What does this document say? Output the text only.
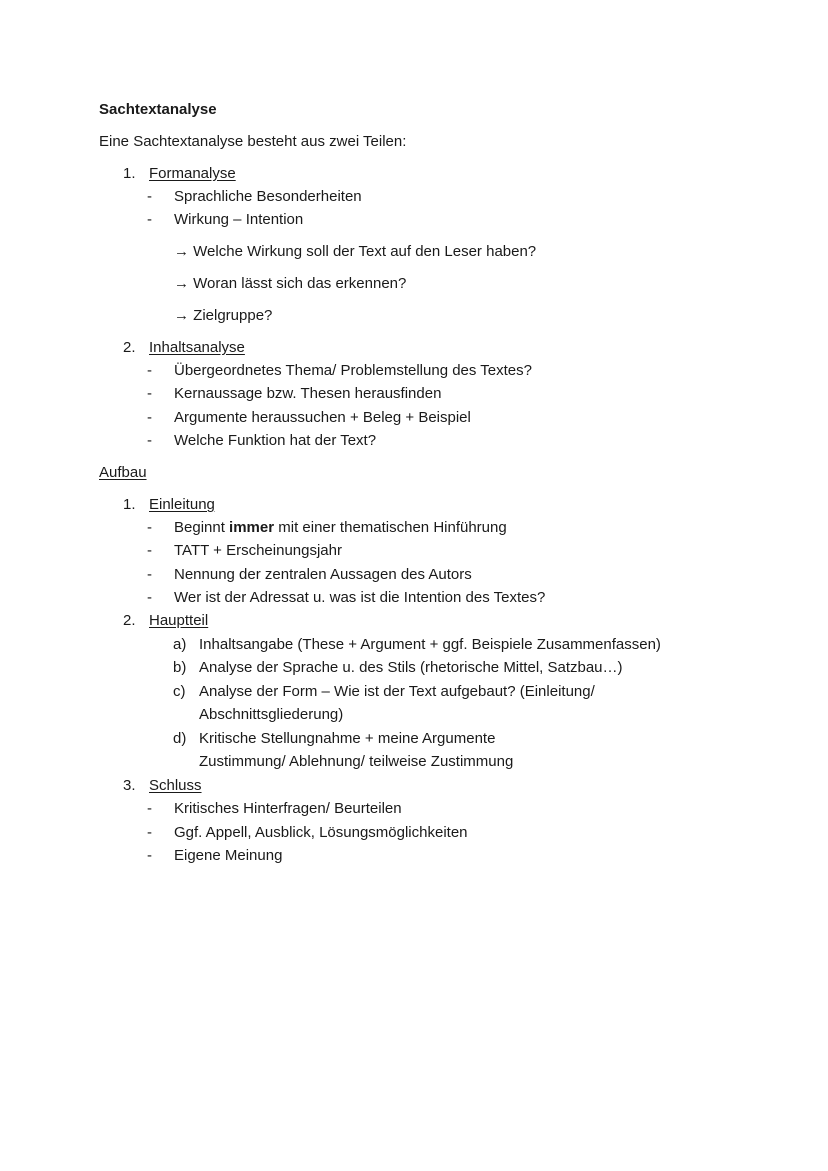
Sachtextanalyse
Eine Sachtextanalyse besteht aus zwei Teilen:
1. Formanalyse
- Sprachliche Besonderheiten
- Wirkung – Intention
→ Welche Wirkung soll der Text auf den Leser haben?
→ Woran lässt sich das erkennen?
→ Zielgruppe?
2. Inhaltsanalyse
- Übergeordnetes Thema/ Problemstellung des Textes?
- Kernaussage bzw. Thesen herausfinden
- Argumente heraussuchen + Beleg + Beispiel
- Welche Funktion hat der Text?
Aufbau
1. Einleitung
- Beginnt immer mit einer thematischen Hinführung
- TATT + Erscheinungsjahr
- Nennung der zentralen Aussagen des Autors
- Wer ist der Adressat u. was ist die Intention des Textes?
2. Hauptteil
a) Inhaltsangabe (These + Argument + ggf. Beispiele Zusammenfassen)
b) Analyse der Sprache u. des Stils (rhetorische Mittel, Satzbau…)
c) Analyse der Form – Wie ist der Text aufgebaut? (Einleitung/
Abschnittsgliederung)
d) Kritische Stellungnahme + meine Argumente
Zustimmung/ Ablehnung/ teilweise Zustimmung
3. Schluss
- Kritisches Hinterfragen/ Beurteilen
- Ggf. Appell, Ausblick, Lösungsmöglichkeiten
- Eigene Meinung
